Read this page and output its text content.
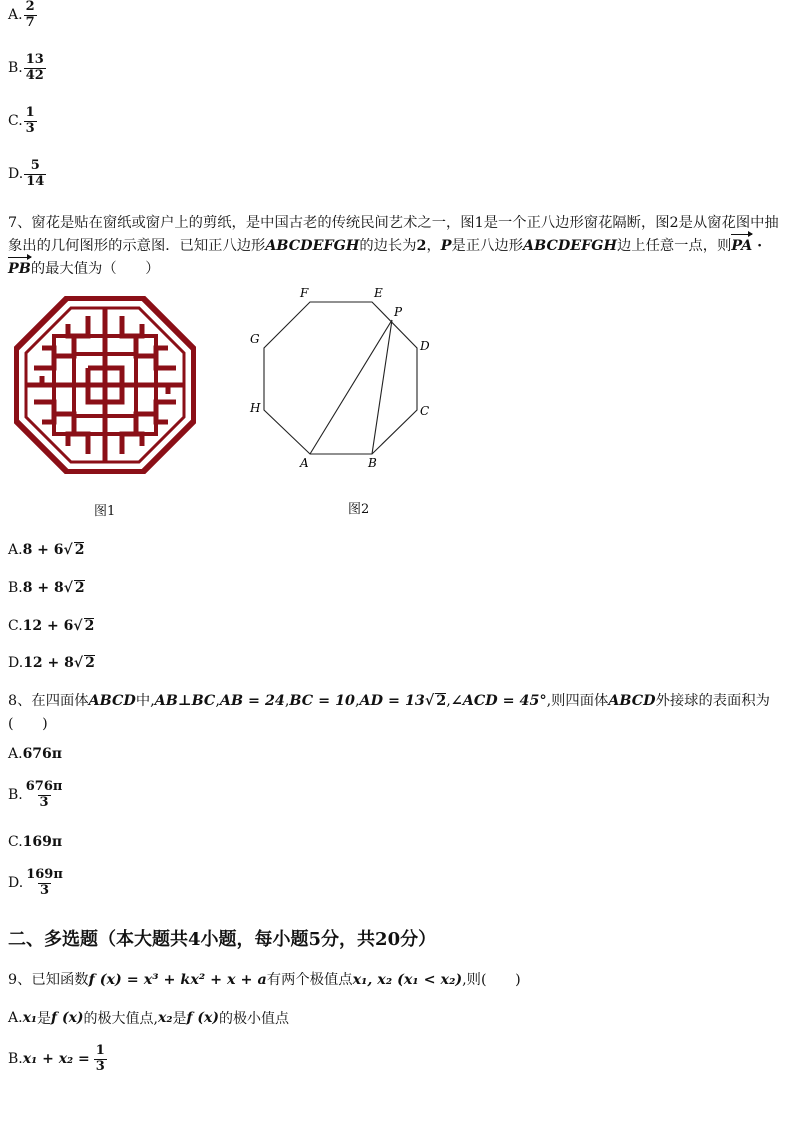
A. $\frac{2}{7}$
B. $\frac{13}{42}$
C. $\frac{1}{3}$
D. $\frac{5}{14}$
7、窗花是贴在窗纸或窗户上的剪纸，是中国古老的传统民间艺术之一，图1是一个正八边形窗花隔断，图2是从窗花图中抽象出的几何图形的示意图．已知正八边形ABCDEFGH的边长为2，P是正八边形ABCDEFGH边上任意一点，则PA · PB的最大值为（　　）
A	B
C
D
E
F
G
H
P
图1	图2
A. 8 + 6 √ 2
B. 8 + 8 √ 2
C. 12 + 6 √ 2
D. 12 + 8 √ 2
8、在四面体ABCD中,AB⊥BC,AB = 24,BC = 10,AD = 13√ 2,∠ACD = 45°,则四面体ABCD外接球的表面积为(　　)
A. 676π
B. $\frac{676\pi}{3}$
C. 169π
D. $\frac{169\pi}{3}$
二、多选题（本大题共4小题，每小题5分，共20分）
9、已知函数f (x) = x³ + kx² + x + a有两个极值点x₁, x₂ (x₁ < x₂),则(　　)
A. x₁ 是 f (x) 的极大值点, x₂ 是 f (x) 的极小值点
B. $x_1 + x_2 = \frac{1}{3}$
